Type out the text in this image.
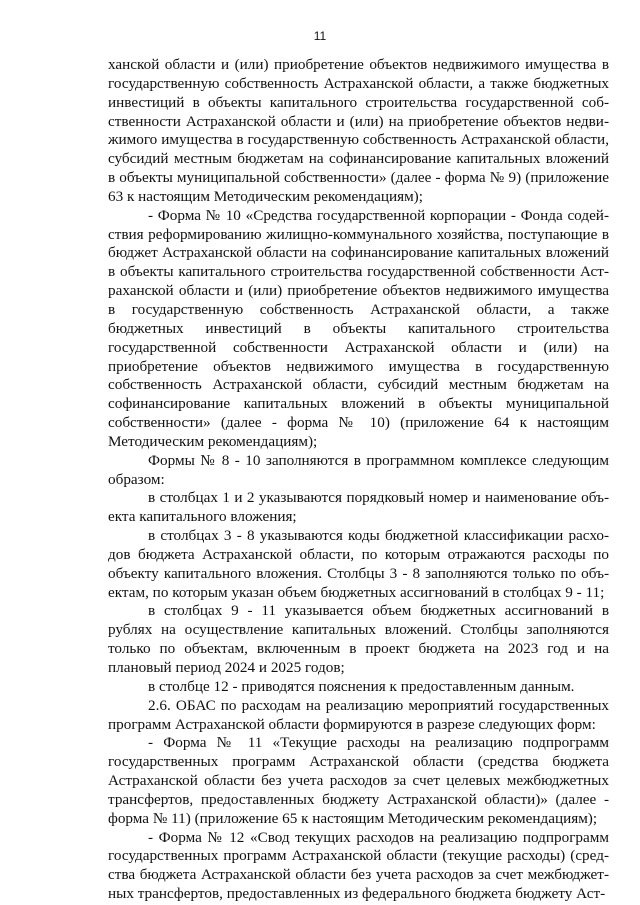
11

ханской области и (или) приобретение объектов недвижимого имущества в государственную собственность Астраханской области, а также бюджетных инвестиций в объекты капитального строительства государственной собственности Астраханской области и (или) на приобретение объектов недвижимого имущества в государственную собственность Астраханской области, субсидий местным бюджетам на софинансирование капитальных вложений в объекты муниципальной собственности» (далее - форма № 9) (приложение 63 к настоящим Методическим рекомендациям);

- Форма № 10 «Средства государственной корпорации - Фонда содействия реформированию жилищно-коммунального хозяйства, поступающие в бюджет Астраханской области на софинансирование капитальных вложений в объекты капитального строительства государственной собственности Астраханской области и (или) приобретение объектов недвижимого имущества в государственную собственность Астраханской области, а также бюджетных инвестиций в объекты капитального строительства государственной собственности Астраханской области и (или) на приобретение объектов недвижимого имущества в государственную собственность Астраханской области, субсидий местным бюджетам на софинансирование капитальных вложений в объекты муниципальной собственности» (далее - форма № 10) (приложение 64 к настоящим Методическим рекомендациям);

Формы № 8 - 10 заполняются в программном комплексе следующим образом:

в столбцах 1 и 2 указываются порядковый номер и наименование объекта капитального вложения;

в столбцах 3 - 8 указываются коды бюджетной классификации расходов бюджета Астраханской области, по которым отражаются расходы по объекту капитального вложения. Столбцы 3 - 8 заполняются только по объектам, по которым указан объем бюджетных ассигнований в столбцах 9 - 11;

в столбцах 9 - 11 указывается объем бюджетных ассигнований в рублях на осуществление капитальных вложений. Столбцы заполняются только по объектам, включенным в проект бюджета на 2023 год и на плановый период 2024 и 2025 годов;

в столбце 12 - приводятся пояснения к предоставленным данным.

2.6. ОБАС по расходам на реализацию мероприятий государственных программ Астраханской области формируются в разрезе следующих форм:

- Форма № 11 «Текущие расходы на реализацию подпрограмм государственных программ Астраханской области (средства бюджета Астраханской области без учета расходов за счет целевых межбюджетных трансфертов, предоставленных бюджету Астраханской области)» (далее - форма № 11) (приложение 65 к настоящим Методическим рекомендациям);

- Форма № 12 «Свод текущих расходов на реализацию подпрограмм государственных программ Астраханской области (текущие расходы) (средства бюджета Астраханской области без учета расходов за счет межбюджетных трансфертов, предоставленных из федерального бюджета бюджету Аст-
